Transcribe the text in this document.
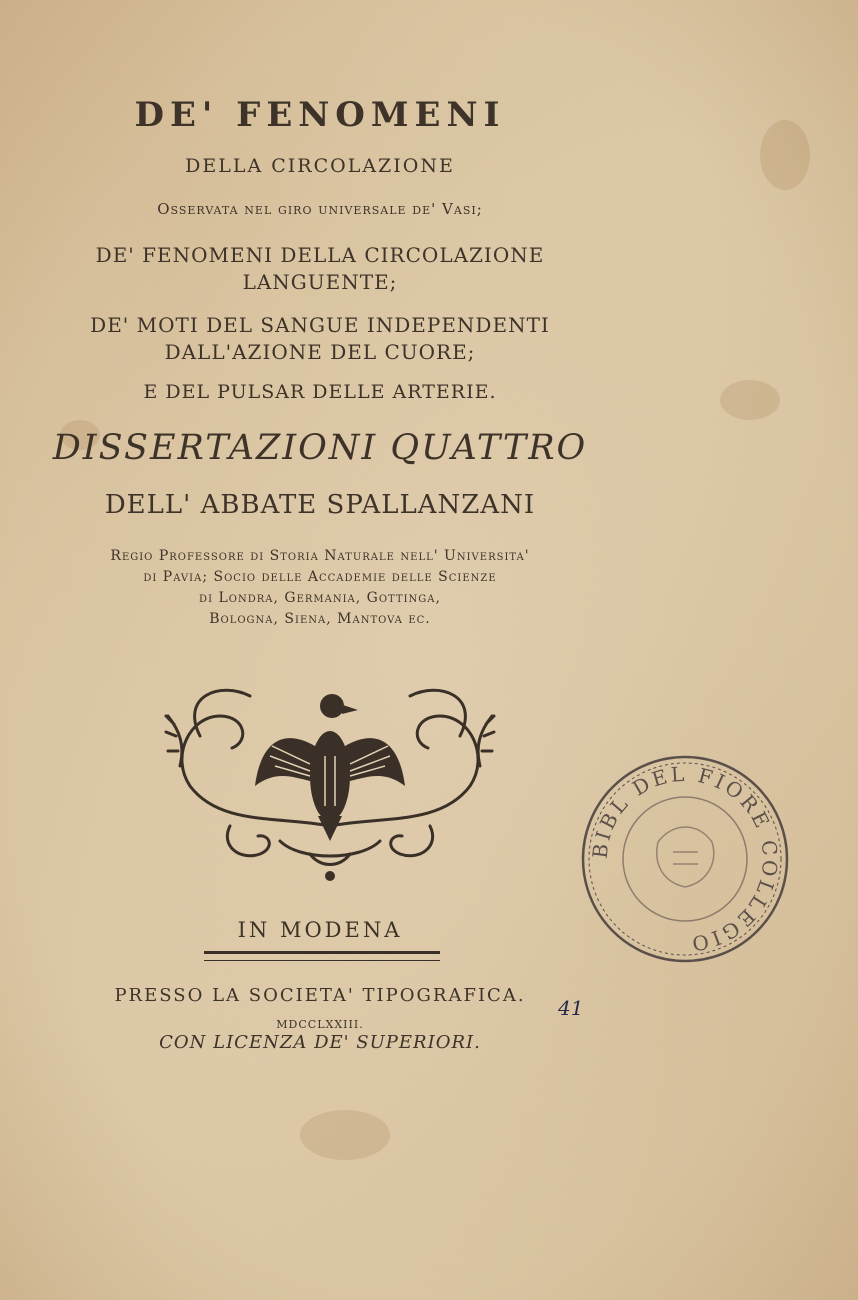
DE' FENOMENI
DELLA CIRCOLAZIONE
Osservata nel giro universale de' Vasi;
DE' FENOMENI DELLA CIRCOLAZIONE
LANGUENTE;
DE' MOTI DEL SANGUE INDEPENDENTI
DALL'AZIONE DEL CUORE;
E DEL PULSAR DELLE ARTERIE.
DISSERTAZIONI QUATTRO
DELL' ABBATE SPALLANZANI
Regio Professore di Storia Naturale nell' Universita'
di Pavia; Socio delle Accademie delle Scienze
di Londra, Germania, Gottinga,
Bologna, Siena, Mantova ec.
IN MODENA
PRESSO LA SOCIETA' TIPOGRAFICA.
MDCCLXXIII.
CON LICENZA DE' SUPERIORI.
41
BIBL DEL FIORE COLLEGIO
